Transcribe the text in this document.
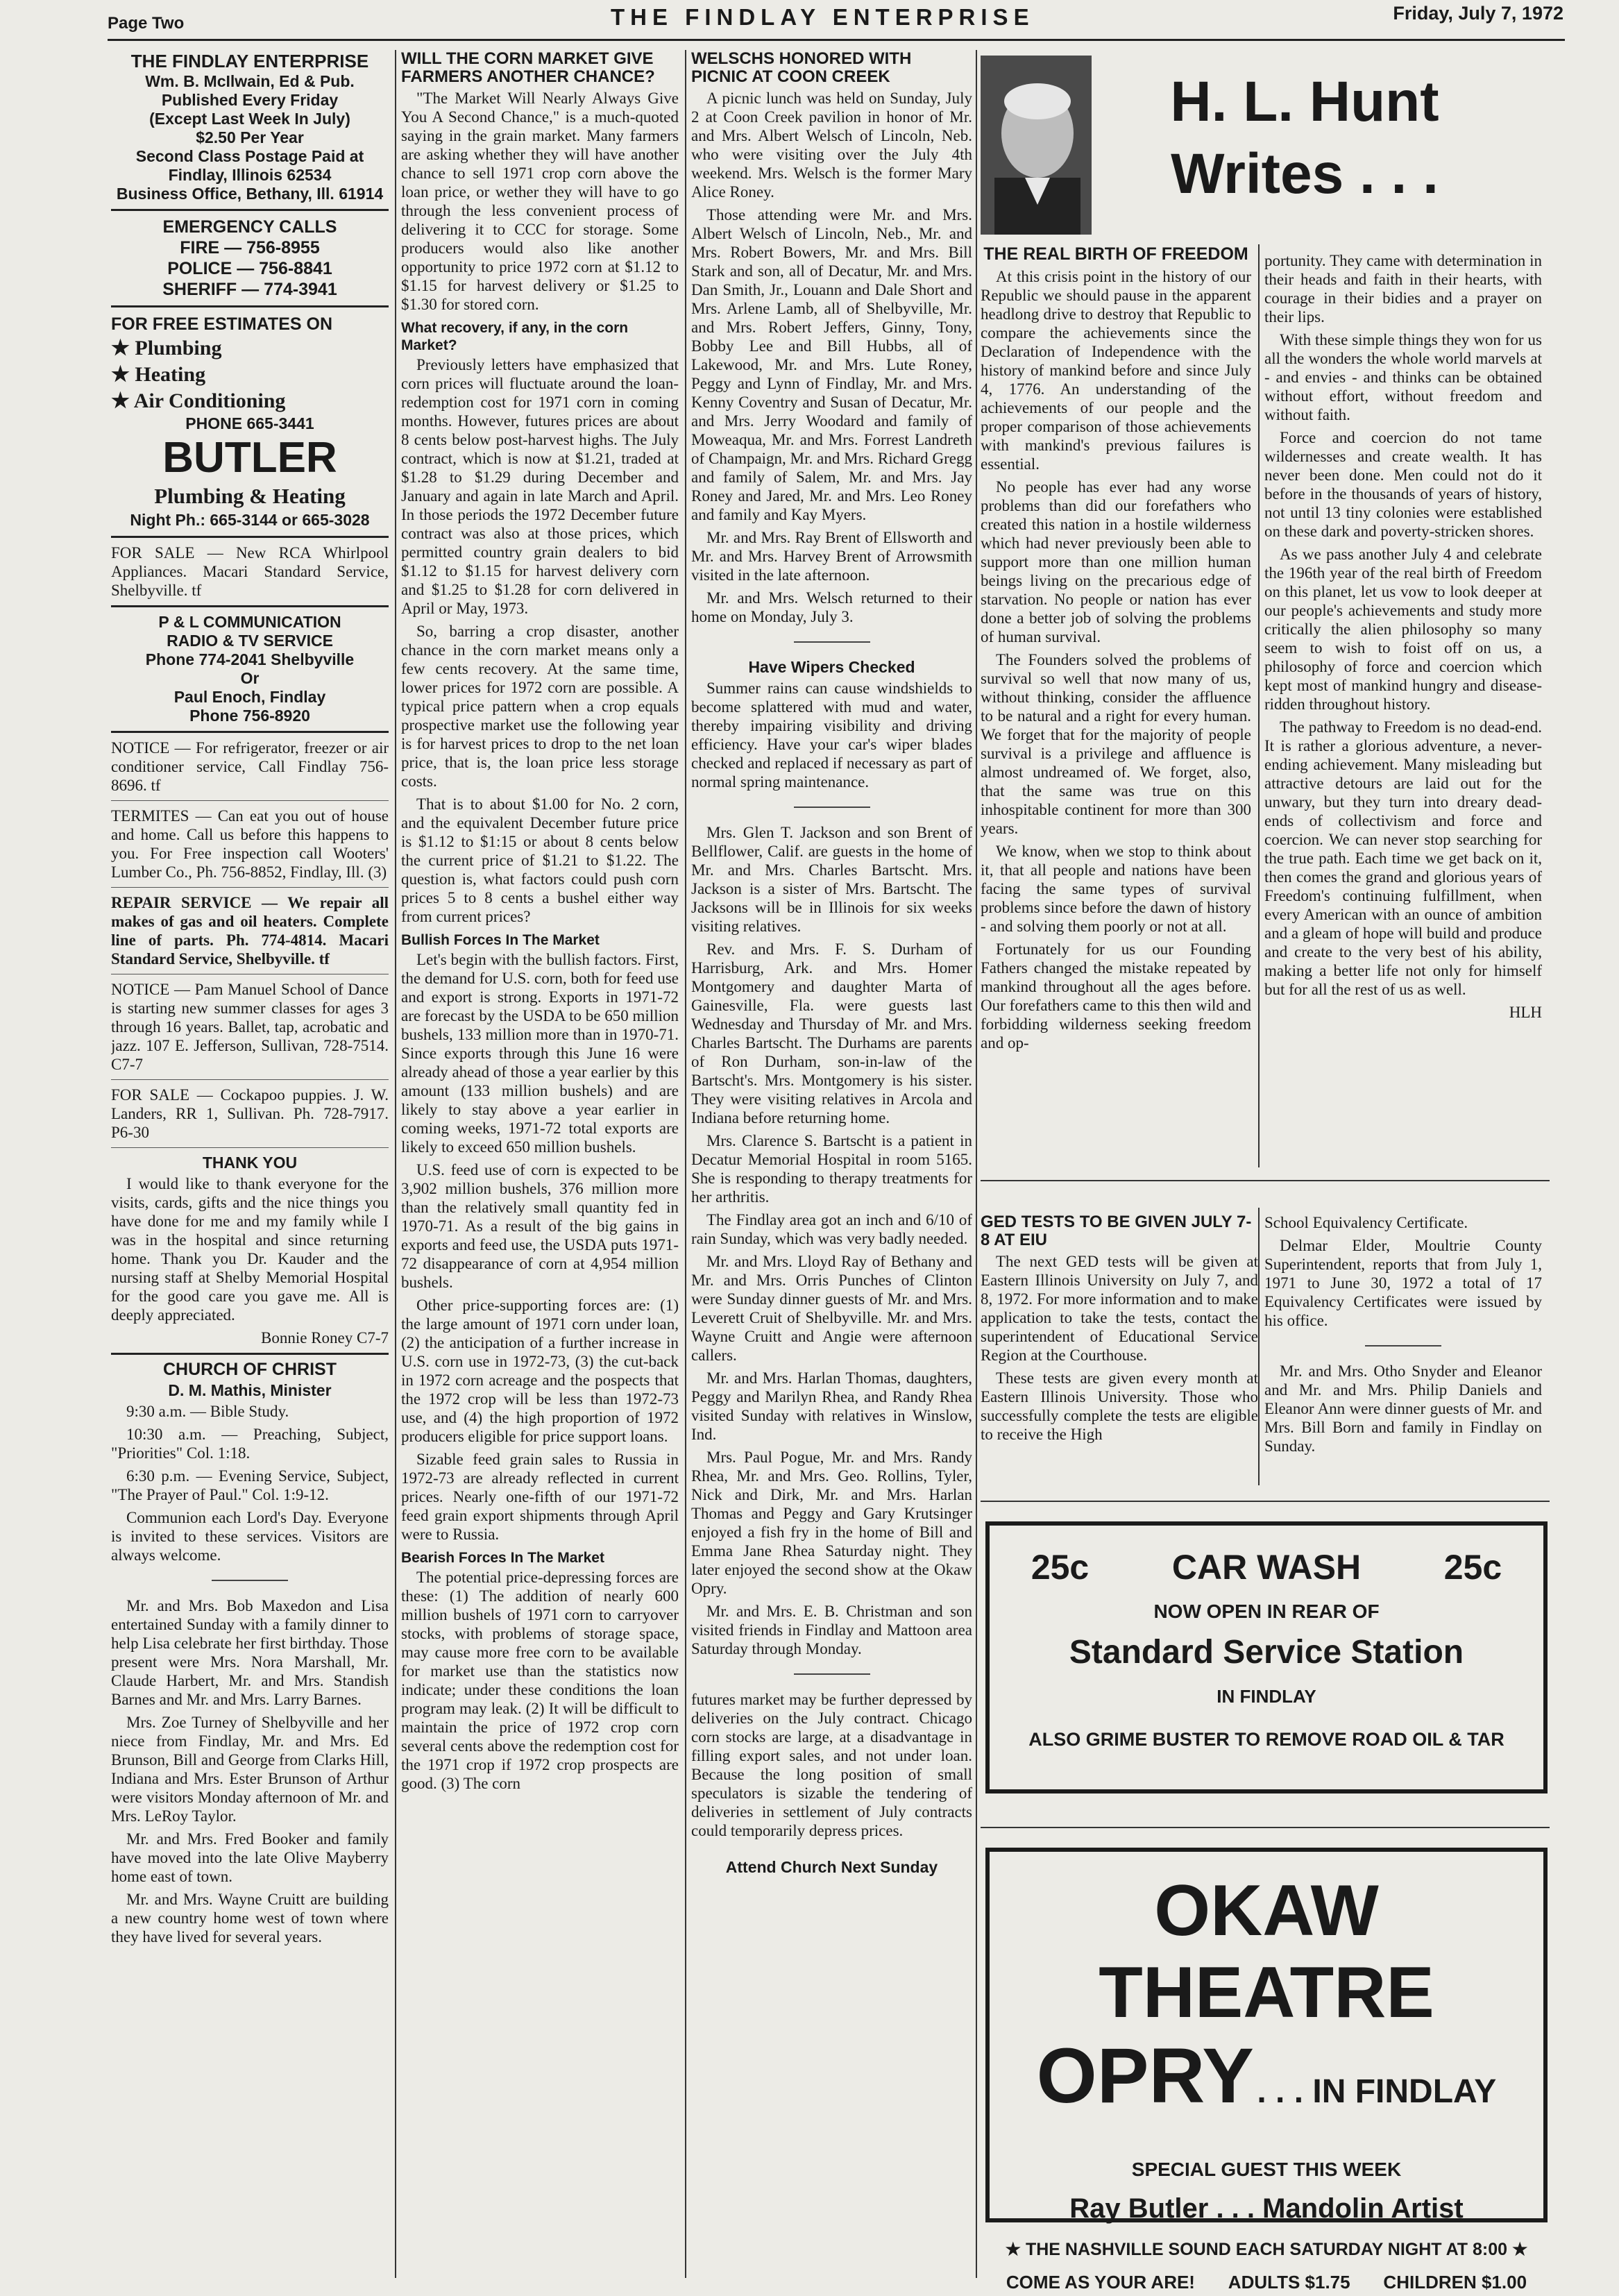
Page Two	THE FINDLAY ENTERPRISE	Friday, July 7, 1972
THE FINDLAY ENTERPRISE
Wm. B. McIlwain, Ed & Pub.
Published Every Friday
(Except Last Week In July)
$2.50 Per Year
Second Class Postage Paid at
Findlay, Illinois 62534
Business Office, Bethany, Ill. 61914
EMERGENCY CALLS
FIRE — 756-8955
POLICE — 756-8841
SHERIFF — 774-3941
FOR FREE ESTIMATES ON

★ Plumbing

★ Heating

★ Air Conditioning

PHONE 665-3441
BUTLER
Plumbing & Heating
Night Ph.: 665-3144 or 665-3028

FOR SALE — New RCA Whirlpool Appliances. Macari Standard Service, Shelbyville. tf

P & L COMMUNICATION
RADIO & TV SERVICE
Phone 774-2041 Shelbyville
Or
Paul Enoch, Findlay
Phone 756-8920

NOTICE — For refrigerator, freezer or air conditioner service, Call Findlay 756-8696. tf

TERMITES — Can eat you out of house and home. Call us before this happens to you. For Free inspection call Wooters' Lumber Co., Ph. 756-8852, Findlay, Ill. (3)

REPAIR SERVICE — We repair all makes of gas and oil heaters. Complete line of parts. Ph. 774-4814. Macari Standard Service, Shelbyville. tf

NOTICE — Pam Manuel School of Dance is starting new summer classes for ages 3 through 16 years. Ballet, tap, acrobatic and jazz. 107 E. Jefferson, Sullivan, 728-7514. C7-7

FOR SALE — Cockapoo puppies. J. W. Landers, RR 1, Sullivan. Ph. 728-7917. P6-30

THANK YOU

I would like to thank everyone for the visits, cards, gifts and the nice things you have done for me and my family while I was in the hospital and since returning home. Thank you Dr. Kauder and the nursing staff at Shelby Memorial Hospital for the good care you gave me. All is deeply appreciated.

Bonnie Roney C7-7

CHURCH OF CHRIST
D. M. Mathis, Minister

9:30 a.m. — Bible Study.

10:30 a.m. — Preaching, Subject, "Priorities" Col. 1:18.

6:30 p.m. — Evening Service, Subject, "The Prayer of Paul." Col. 1:9-12.

Communion each Lord's Day. Everyone is invited to these services. Visitors are always welcome.

Mr. and Mrs. Bob Maxedon and Lisa entertained Sunday with a family dinner to help Lisa celebrate her first birthday. Those present were Mrs. Nora Marshall, Mr. Claude Harbert, Mr. and Mrs. Standish Barnes and Mr. and Mrs. Larry Barnes.

Mrs. Zoe Turney of Shelbyville and her niece from Findlay, Mr. and Mrs. Ed Brunson, Bill and George from Clarks Hill, Indiana and Mrs. Ester Brunson of Arthur were visitors Monday afternoon of Mr. and Mrs. LeRoy Taylor.

Mr. and Mrs. Fred Booker and family have moved into the late Olive Mayberry home east of town.

Mr. and Mrs. Wayne Cruitt are building a new country home west of town where they have lived for several years.

WILL THE CORN MARKET GIVE FARMERS ANOTHER CHANCE?

"The Market Will Nearly Always Give You A Second Chance," is a much-quoted saying in the grain market. Many farmers are asking whether they will have another chance to sell 1971 crop corn above the loan price, or wether they will have to go through the less convenient process of delivering it to CCC for storage. Some producers would also like another opportunity to price 1972 corn at $1.12 to $1.15 for harvest delivery or $1.25 to $1.30 for stored corn.

What recovery, if any, in the corn Market?

Previously letters have emphasized that corn prices will fluctuate around the loan-redemption cost for 1971 corn in coming months. However, futures prices are about 8 cents below post-harvest highs. The July contract, which is now at $1.21, traded at $1.28 to $1.29 during December and January and again in late March and April. In those periods the 1972 December future contract was also at those prices, which permitted country grain dealers to bid $1.12 to $1.15 for harvest delivery corn and $1.25 to $1.28 for corn delivered in April or May, 1973.

So, barring a crop disaster, another chance in the corn market means only a few cents recovery. At the same time, lower prices for 1972 corn are possible. A typical price pattern when a crop equals prospective market use the following year is for harvest prices to drop to the net loan price, that is, the loan price less storage costs.

That is to about $1.00 for No. 2 corn, and the equivalent December future price is $1.12 to $1:15 or about 8 cents below the current price of $1.21 to $1.22. The question is, what factors could push corn prices 5 to 8 cents a bushel either way from current prices?

Bullish Forces In The Market

Let's begin with the bullish factors. First, the demand for U.S. corn, both for feed use and export is strong. Exports in 1971-72 are forecast by the USDA to be 650 million bushels, 133 million more than in 1970-71. Since exports through this June 16 were already ahead of those a year earlier by this amount (133 million bushels) and are likely to stay above a year earlier in coming weeks, 1971-72 total exports are likely to exceed 650 million bushels.

U.S. feed use of corn is expected to be 3,902 million bushels, 376 million more than the relatively small quantity fed in 1970-71. As a result of the big gains in exports and feed use, the USDA puts 1971-72 disappearance of corn at 4,954 million bushels.

Other price-supporting forces are: (1) the large amount of 1971 corn under loan, (2) the anticipation of a further increase in U.S. corn use in 1972-73, (3) the cut-back in 1972 corn acreage and the pospects that the 1972 crop will be less than 1972-73 use, and (4) the high proportion of 1972 producers eligible for price support loans.

Sizable feed grain sales to Russia in 1972-73 are already reflected in current prices. Nearly one-fifth of our 1971-72 feed grain export shipments through April were to Russia.

Bearish Forces In The Market

The potential price-depressing forces are these: (1) The addition of nearly 600 million bushels of 1971 corn to carryover stocks, with problems of storage space, may cause more free corn to be available for market use than the statistics now indicate; under these conditions the loan program may leak. (2) It will be difficult to maintain the price of 1972 crop corn several cents above the redemption cost for the 1971 crop if 1972 crop prospects are good. (3) The corn

WELSCHS HONORED WITH PICNIC AT COON CREEK

A picnic lunch was held on Sunday, July 2 at Coon Creek pavilion in honor of Mr. and Mrs. Albert Welsch of Lincoln, Neb. who were visiting over the July 4th weekend. Mrs. Welsch is the former Mary Alice Roney.

Those attending were Mr. and Mrs. Albert Welsch of Lincoln, Neb., Mr. and Mrs. Robert Bowers, Mr. and Mrs. Bill Stark and son, all of Decatur, Mr. and Mrs. Dan Smith, Jr., Louann and Dale Short and Mrs. Arlene Lamb, all of Shelbyville, Mr. and Mrs. Robert Jeffers, Ginny, Tony, Bobby Lee and Bill Hubbs, all of Lakewood, Mr. and Mrs. Lute Roney, Peggy and Lynn of Findlay, Mr. and Mrs. Kenny Coventry and Susan of Decatur, Mr. and Mrs. Jerry Woodard and family of Moweaqua, Mr. and Mrs. Forrest Landreth of Champaign, Mr. and Mrs. Richard Gregg and family of Salem, Mr. and Mrs. Jay Roney and Jared, Mr. and Mrs. Leo Roney and family and Kay Myers.

Mr. and Mrs. Ray Brent of Ellsworth and Mr. and Mrs. Harvey Brent of Arrowsmith visited in the late afternoon.

Mr. and Mrs. Welsch returned to their home on Monday, July 3.

Have Wipers Checked

Summer rains can cause windshields to become splattered with mud and water, thereby impairing visibility and driving efficiency. Have your car's wiper blades checked and replaced if necessary as part of normal spring maintenance.

Mrs. Glen T. Jackson and son Brent of Bellflower, Calif. are guests in the home of Mr. and Mrs. Charles Bartscht. Mrs. Jackson is a sister of Mrs. Bartscht. The Jacksons will be in Illinois for six weeks visiting relatives.

Rev. and Mrs. F. S. Durham of Harrisburg, Ark. and Mrs. Homer Montgomery and daughter Marta of Gainesville, Fla. were guests last Wednesday and Thursday of Mr. and Mrs. Charles Bartscht. The Durhams are parents of Ron Durham, son-in-law of the Bartscht's. Mrs. Montgomery is his sister. They were visiting relatives in Arcola and Indiana before returning home.

Mrs. Clarence S. Bartscht is a patient in Decatur Memorial Hospital in room 5165. She is responding to therapy treatments for her arthritis.

The Findlay area got an inch and 6/10 of rain Sunday, which was very badly needed.

Mr. and Mrs. Lloyd Ray of Bethany and Mr. and Mrs. Orris Punches of Clinton were Sunday dinner guests of Mr. and Mrs. Leverett Cruit of Shelbyville. Mr. and Mrs. Wayne Cruitt and Angie were afternoon callers.

Mr. and Mrs. Harlan Thomas, daughters, Peggy and Marilyn Rhea, and Randy Rhea visited Sunday with relatives in Winslow, Ind.

Mrs. Paul Pogue, Mr. and Mrs. Randy Rhea, Mr. and Mrs. Geo. Rollins, Tyler, Nick and Dirk, Mr. and Mrs. Harlan Thomas and Peggy and Gary Krutsinger enjoyed a fish fry in the home of Bill and Emma Jane Rhea Saturday night. They later enjoyed the second show at the Okaw Opry.

Mr. and Mrs. E. B. Christman and son visited friends in Findlay and Mattoon area Saturday through Monday.

futures market may be further depressed by deliveries on the July contract. Chicago corn stocks are large, at a disadvantage in filling export sales, and not under loan. Because the long position of small speculators is sizable the tendering of deliveries in settlement of July contracts could temporarily depress prices.

Attend Church Next Sunday
H. L. Hunt
Writes . . .
THE REAL BIRTH OF FREEDOM

At this crisis point in the history of our Republic we should pause in the apparent headlong drive to destroy that Republic to compare the achievements since the Declaration of Independence with the history of mankind before and since July 4, 1776. An understanding of the achievements of our people and the proper comparison of those achievements with mankind's previous failures is essential.

No people has ever had any worse problems than did our forefathers who created this nation in a hostile wilderness which had never previously been able to support more than one million human beings living on the precarious edge of starvation. No people or nation has ever done a better job of solving the problems of human survival.

The Founders solved the problems of survival so well that now many of us, without thinking, consider the affluence to be natural and a right for every human. We forget that for the majority of people survival is a privilege and affluence is almost undreamed of. We forget, also, that the same was true on this inhospitable continent for more than 300 years.

We know, when we stop to think about it, that all people and nations have been facing the same types of survival problems since before the dawn of history - and solving them poorly or not at all.

Fortunately for us our Founding Fathers changed the mistake repeated by mankind throughout all the ages before. Our forefathers came to this then wild and forbidding wilderness seeking freedom and op-

portunity. They came with determination in their heads and faith in their hearts, with courage in their bidies and a prayer on their lips.

With these simple things they won for us all the wonders the whole world marvels at - and envies - and thinks can be obtained without effort, without freedom and without faith.

Force and coercion do not tame wildernesses and create wealth. It has never been done. Men could not do it before in the thousands of years of history, not until 13 tiny colonies were established on these dark and poverty-stricken shores.

As we pass another July 4 and celebrate the 196th year of the real birth of Freedom on this planet, let us vow to look deeper at our people's achievements and study more critically the alien philosophy so many seem to wish to foist off on us, a philosophy of force and coercion which kept most of mankind hungry and disease-ridden throughout history.

The pathway to Freedom is no dead-end. It is rather a glorious adventure, a never-ending achievement. Many misleading but attractive detours are laid out for the unwary, but they turn into dreary dead-ends of collectivism and force and coercion. We can never stop searching for the true path. Each time we get back on it, then comes the grand and glorious years of Freedom's continuing fulfillment, when every American with an ounce of ambition and a gleam of hope will build and produce and create to the very best of his ability, making a better life not only for himself but for all the rest of us as well.

HLH

GED TESTS TO BE GIVEN JULY 7-8 AT EIU

The next GED tests will be given at Eastern Illinois University on July 7, and 8, 1972. For more information and to make application to take the tests, contact the superintendent of Educational Service Region at the Courthouse.

These tests are given every month at Eastern Illinois University. Those who successfully complete the tests are eligible to receive the High

School Equivalency Certificate.

Delmar Elder, Moultrie County Superintendent, reports that from July 1, 1971 to June 30, 1972 a total of 17 Equivalency Certificates were issued by his office.

Mr. and Mrs. Otho Snyder and Eleanor and Mr. and Mrs. Philip Daniels and Eleanor Ann were dinner guests of Mr. and Mrs. Bill Born and family in Findlay on Sunday.

25c CAR WASH 25c
NOW OPEN IN REAR OF
Standard Service Station
IN FINDLAY
ALSO GRIME BUSTER TO REMOVE ROAD OIL & TAR
OKAW THEATRE
OPRY . . . IN FINDLAY
SPECIAL GUEST THIS WEEK
Ray Butler . . . Mandolin Artist
★ THE NASHVILLE SOUND EACH SATURDAY NIGHT AT 8:00 ★
COME AS YOUR ARE! ADULTS $1.75 CHILDREN $1.00
